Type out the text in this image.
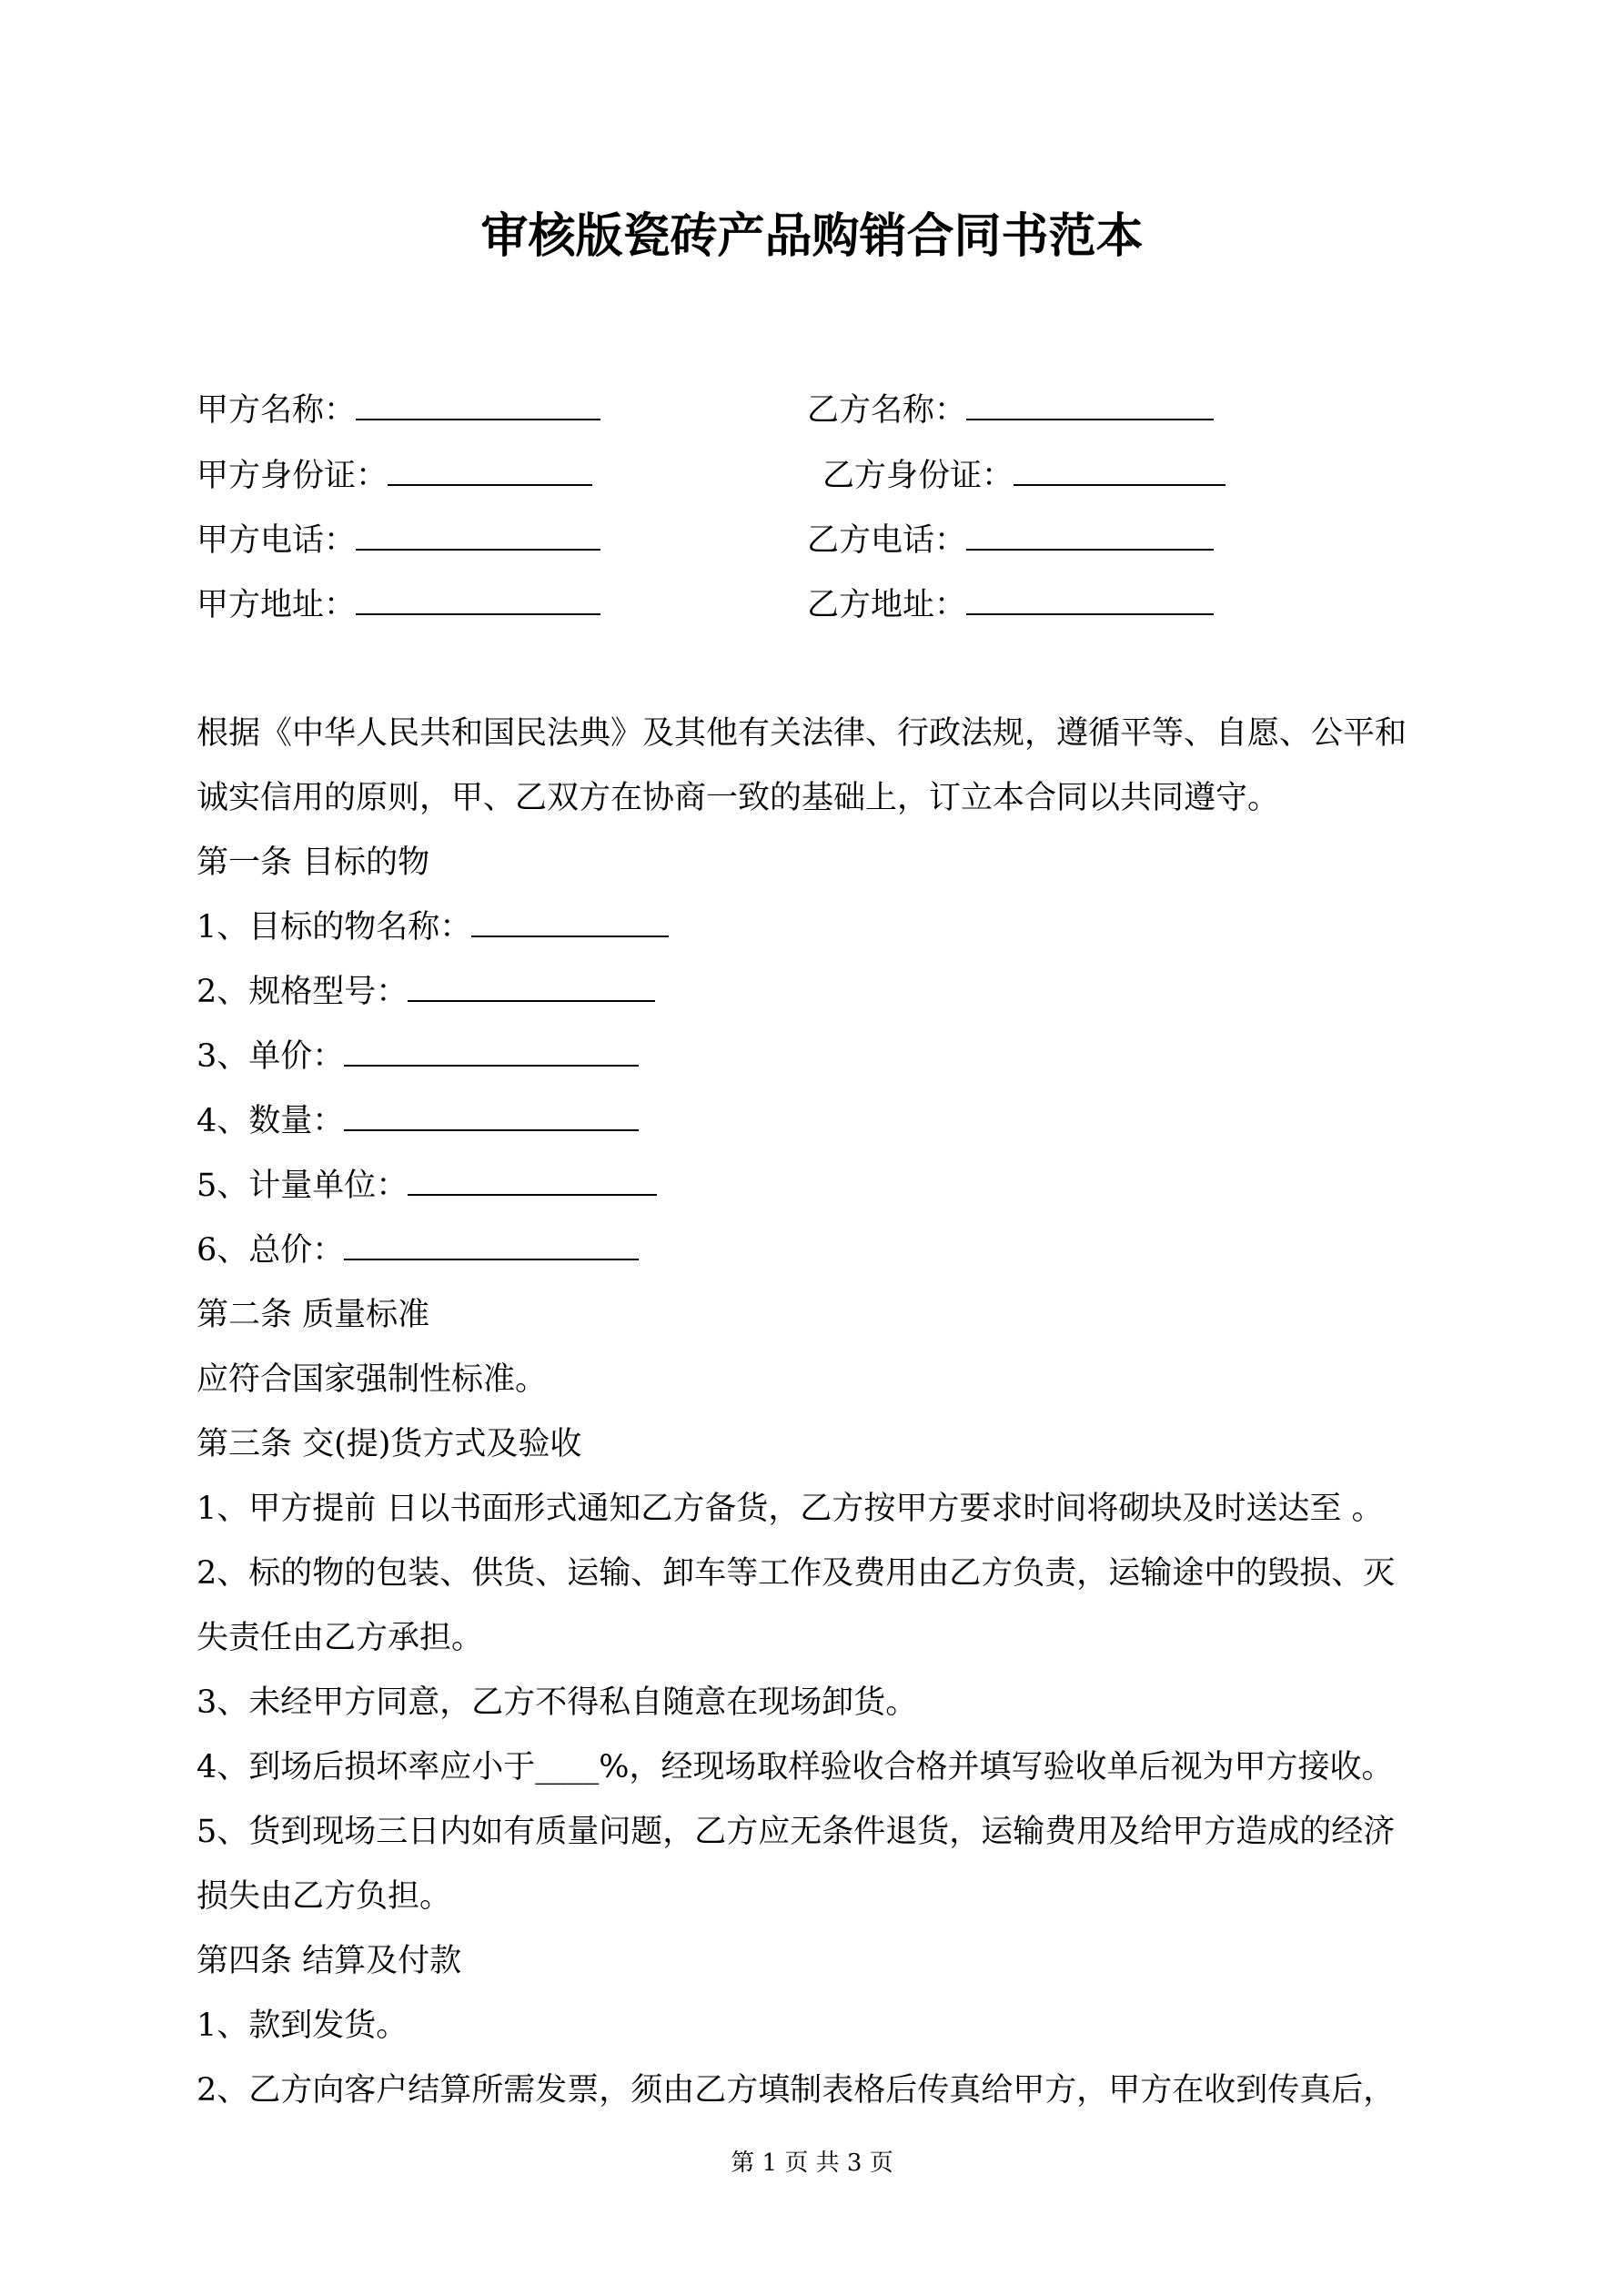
审核版瓷砖产品购销合同书范本
甲方名称：	乙方名称：
甲方身份证：	乙方身份证：
甲方电话：	乙方电话：
甲方地址：	乙方地址：
根据《中华人民共和国民法典》及其他有关法律、行政法规，遵循平等、自愿、公平和
诚实信用的原则，甲、乙双方在协商一致的基础上，订立本合同以共同遵守。
第一条 目标的物
1、目标的物名称：
2、规格型号：
3、单价：
4、数量：
5、计量单位：
6、总价：
第二条 质量标准
应符合国家强制性标准。
第三条 交(提)货方式及验收
1、甲方提前 日以书面形式通知乙方备货，乙方按甲方要求时间将砌块及时送达至 。
2、标的物的包装、供货、运输、卸车等工作及费用由乙方负责，运输途中的毁损、灭
失责任由乙方承担。
3、未经甲方同意，乙方不得私自随意在现场卸货。
4、到场后损坏率应小于____%，经现场取样验收合格并填写验收单后视为甲方接收。
5、货到现场三日内如有质量问题，乙方应无条件退货，运输费用及给甲方造成的经济
损失由乙方负担。
第四条 结算及付款
1、款到发货。
2、乙方向客户结算所需发票，须由乙方填制表格后传真给甲方，甲方在收到传真后，
第 1 页 共 3 页
